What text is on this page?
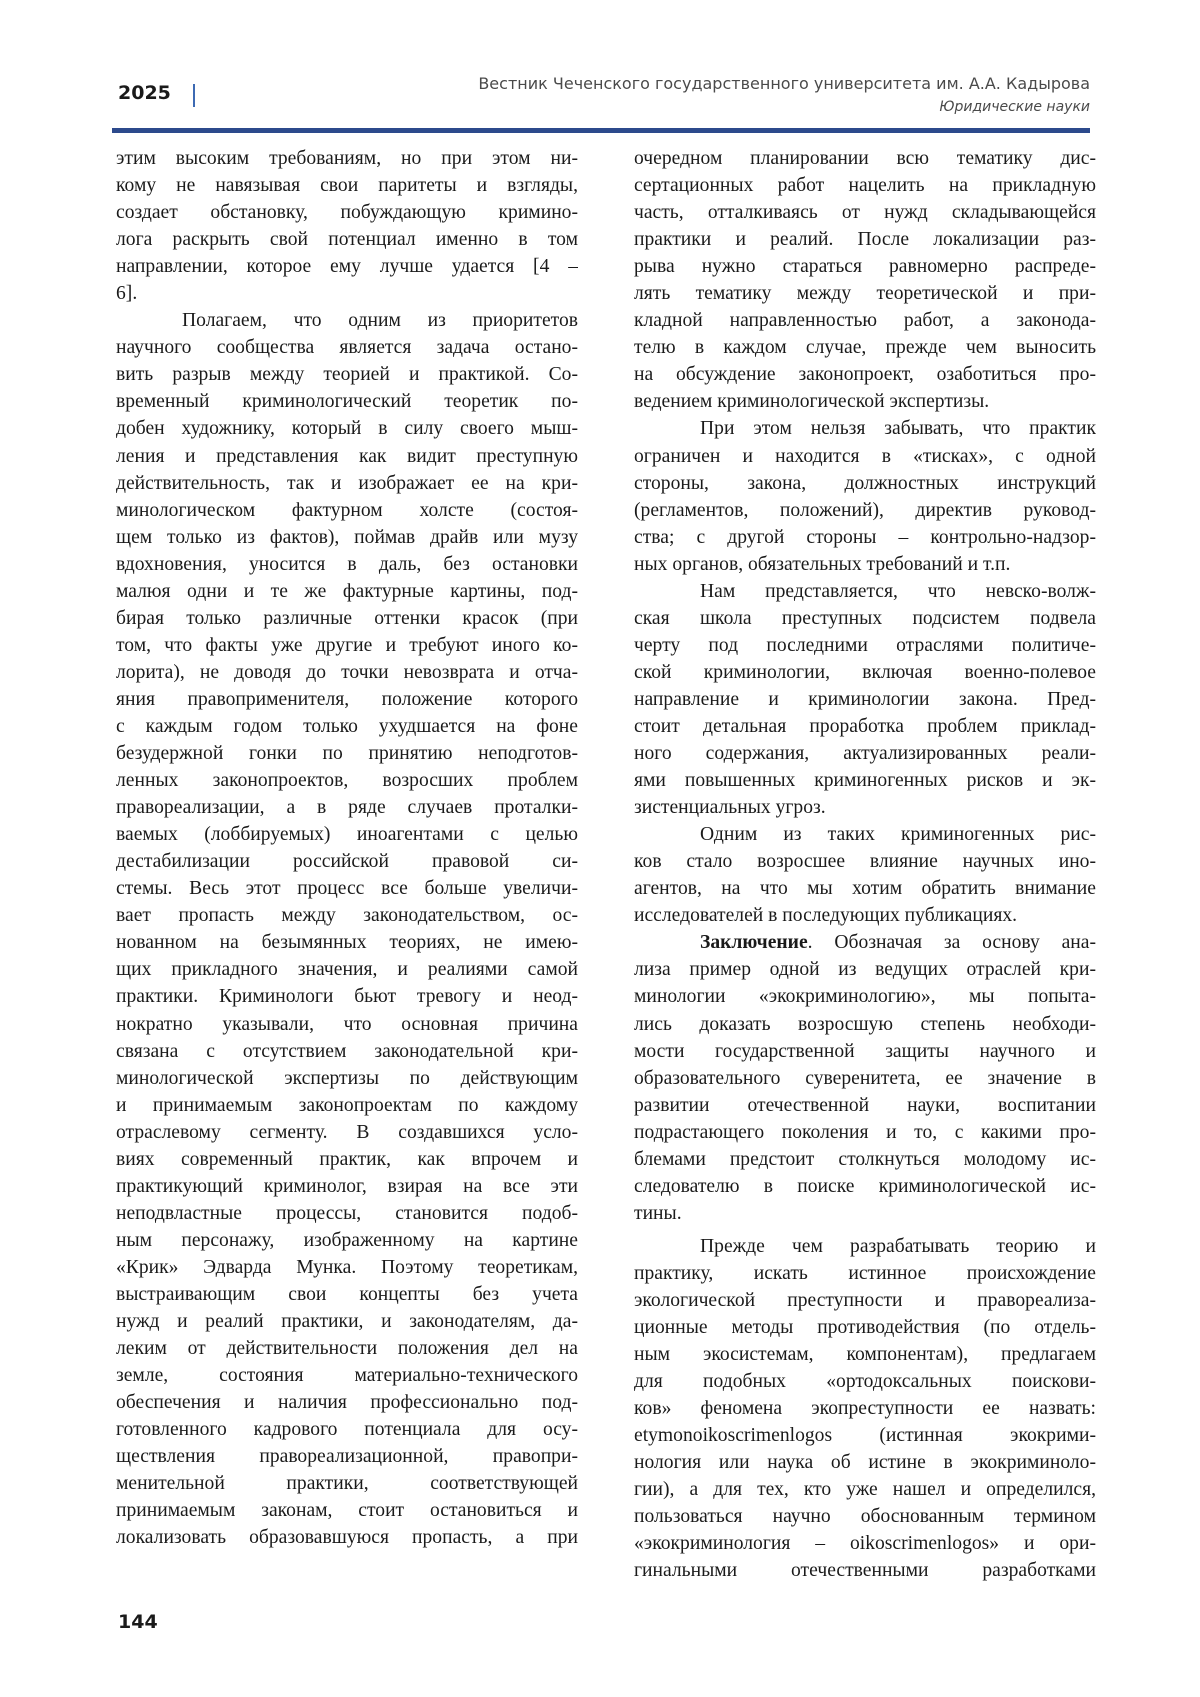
2025	Вестник Чеченского государственного университета им. А.А. Кадырова
Юридические науки
этим высоким требованиям, но при этом ни-
кому не навязывая свои паритеты и взгляды,
создает обстановку, побуждающую кримино-
лога раскрыть свой потенциал именно в том
направлении, которое ему лучше удается [4 –
6].
Полагаем, что одним из приоритетов
научного сообщества является задача остано-
вить разрыв между теорией и практикой. Со-
временный криминологический теоретик по-
добен художнику, который в силу своего мыш-
ления и представления как видит преступную
действительность, так и изображает ее на кри-
минологическом фактурном холсте (состоя-
щем только из фактов), поймав драйв или музу
вдохновения, уносится в даль, без остановки
малюя одни и те же фактурные картины, под-
бирая только различные оттенки красок (при
том, что факты уже другие и требуют иного ко-
лорита), не доводя до точки невозврата и отча-
яния правоприменителя, положение которого
с каждым годом только ухудшается на фоне
безудержной гонки по принятию неподготов-
ленных законопроектов, возросших проблем
правореализации, а в ряде случаев проталки-
ваемых (лоббируемых) иноагентами с целью
дестабилизации российской правовой си-
стемы. Весь этот процесс все больше увеличи-
вает пропасть между законодательством, ос-
нованном на безымянных теориях, не имею-
щих прикладного значения, и реалиями самой
практики. Криминологи бьют тревогу и неод-
нократно указывали, что основная причина
связана с отсутствием законодательной кри-
минологической экспертизы по действующим
и принимаемым законопроектам по каждому
отраслевому сегменту. В создавшихся усло-
виях современный практик, как впрочем и
практикующий криминолог, взирая на все эти
неподвластные процессы, становится подоб-
ным персонажу, изображенному на картине
«Крик» Эдварда Мунка. Поэтому теоретикам,
выстраивающим свои концепты без учета
нужд и реалий практики, и законодателям, да-
леким от действительности положения дел на
земле, состояния материально-технического
обеспечения и наличия профессионально под-
готовленного кадрового потенциала для осу-
ществления правореализационной, правопри-
менительной практики, соответствующей
принимаемым законам, стоит остановиться и
локализовать образовавшуюся пропасть, а при
очередном планировании всю тематику дис-
сертационных работ нацелить на прикладную
часть, отталкиваясь от нужд складывающейся
практики и реалий. После локализации раз-
рыва нужно стараться равномерно распреде-
лять тематику между теоретической и при-
кладной направленностью работ, а законода-
телю в каждом случае, прежде чем выносить
на обсуждение законопроект, озаботиться про-
ведением криминологической экспертизы.
При этом нельзя забывать, что практик
ограничен и находится в «тисках», с одной
стороны, закона, должностных инструкций
(регламентов, положений), директив руковод-
ства; с другой стороны – контрольно-надзор-
ных органов, обязательных требований и т.п.
Нам представляется, что невско-волж-
ская школа преступных подсистем подвела
черту под последними отраслями политиче-
ской криминологии, включая военно-полевое
направление и криминологии закона. Пред-
стоит детальная проработка проблем приклад-
ного содержания, актуализированных реали-
ями повышенных криминогенных рисков и эк-
зистенциальных угроз.
Одним из таких криминогенных рис-
ков стало возросшее влияние научных ино-
агентов, на что мы хотим обратить внимание
исследователей в последующих публикациях.
Заключение. Обозначая за основу ана-
лиза пример одной из ведущих отраслей кри-
минологии «экокриминологию», мы попыта-
лись доказать возросшую степень необходи-
мости государственной защиты научного и
образовательного суверенитета, ее значение в
развитии отечественной науки, воспитании
подрастающего поколения и то, с какими про-
блемами предстоит столкнуться молодому ис-
следователю в поиске криминологической ис-
тины.
Прежде чем разрабатывать теорию и
практику, искать истинное происхождение
экологической преступности и правореализа-
ционные методы противодействия (по отдель-
ным экосистемам, компонентам), предлагаем
для подобных «ортодоксальных поискови-
ков» феномена экопреступности ее назвать:
etymonoikoscrimenlogos (истинная экокрими-
нология или наука об истине в экокриминоло-
гии), а для тех, кто уже нашел и определился,
пользоваться научно обоснованным термином
«экокриминология – oikoscrimenlogos» и ори-
гинальными отечественными разработками
144
